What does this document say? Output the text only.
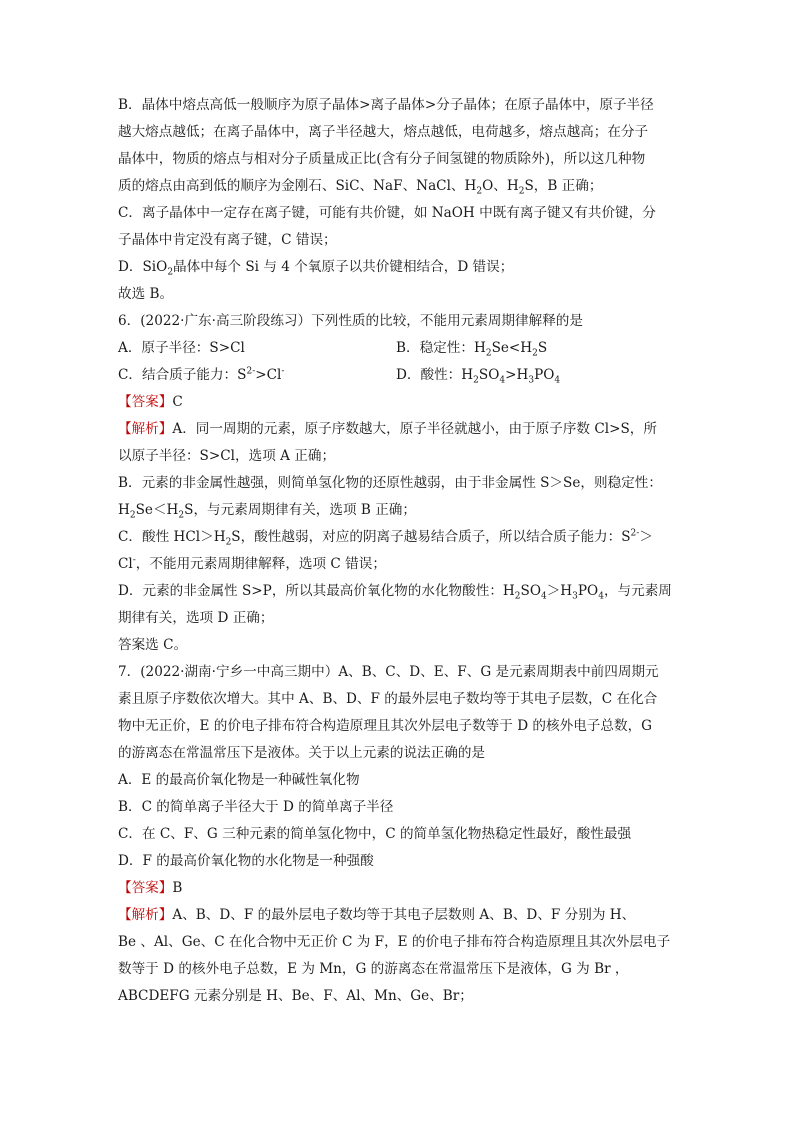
B．晶体中熔点高低一般顺序为原子晶体>离子晶体>分子晶体；在原子晶体中，原子半径
越大熔点越低；在离子晶体中，离子半径越大，熔点越低，电荷越多，熔点越高；在分子
晶体中，物质的熔点与相对分子质量成正比(含有分子间氢键的物质除外)，所以这几种物
质的熔点由高到低的顺序为金刚石、SiC、NaF、NaCl、$H_2O$、$H_2S$，B 正确；
C．离子晶体中一定存在离子键，可能有共价键，如 NaOH 中既有离子键又有共价键，分
子晶体中肯定没有离子键，C 错误；
D．SiO$_2$晶体中每个 Si 与 4 个氧原子以共价键相结合，D 错误；
故选 B。
6．(2022·广东·高三阶段练习）下列性质的比较，不能用元素周期律解释的是
A．原子半径：S>Cl	B．稳定性：$H_2Se<H_2S$
C．结合质子能力：$S^{2-}>Cl^-$	D．酸性：$H_2SO_4>H_3PO_4$
【答案】C
【解析】A．同一周期的元素，原子序数越大，原子半径就越小，由于原子序数 Cl>S，所
以原子半径：S>Cl，选项 A 正确；
B．元素的非金属性越强，则简单氢化物的还原性越弱，由于非金属性 S＞Se，则稳定性：
$H_2Se<H_2S$，与元素周期律有关，选项 B 正确；
C．酸性 $HCl>H_2S$，酸性越弱，对应的阴离子越易结合质子，所以结合质子能力：$S^{2-}>$
Cl-，不能用元素周期律解释，选项 C 错误；
D．元素的非金属性 S>P，所以其最高价氧化物的水化物酸性：$H_2SO_4>H_3PO_4$，与元素周
期律有关，选项 D 正确；
答案选 C。
7．(2022·湖南·宁乡一中高三期中）A、B、C、D、E、F、G 是元素周期表中前四周期元
素且原子序数依次增大。其中 A、B、D、F 的最外层电子数均等于其电子层数，C 在化合
物中无正价，E 的价电子排布符合构造原理且其次外层电子数等于 D 的核外电子总数，G
的游离态在常温常压下是液体。关于以上元素的说法正确的是
A．E 的最高价氧化物是一种碱性氧化物
B．C 的简单离子半径大于 D 的简单离子半径
C．在 C、F、G 三种元素的简单氢化物中，C 的简单氢化物热稳定性最好，酸性最强
D．F 的最高价氧化物的水化物是一种强酸
【答案】B
【解析】A、B、D、F 的最外层电子数均等于其电子层数则 A、B、D、F 分别为 H、
Be 、Al、Ge、C 在化合物中无正价 C 为 F，E 的价电子排布符合构造原理且其次外层电子
数等于 D 的核外电子总数，E 为 Mn，G 的游离态在常温常压下是液体，G 为 Br ，
ABCDEFG 元素分别是 H、Be、F、Al、Mn、Ge、Br；
